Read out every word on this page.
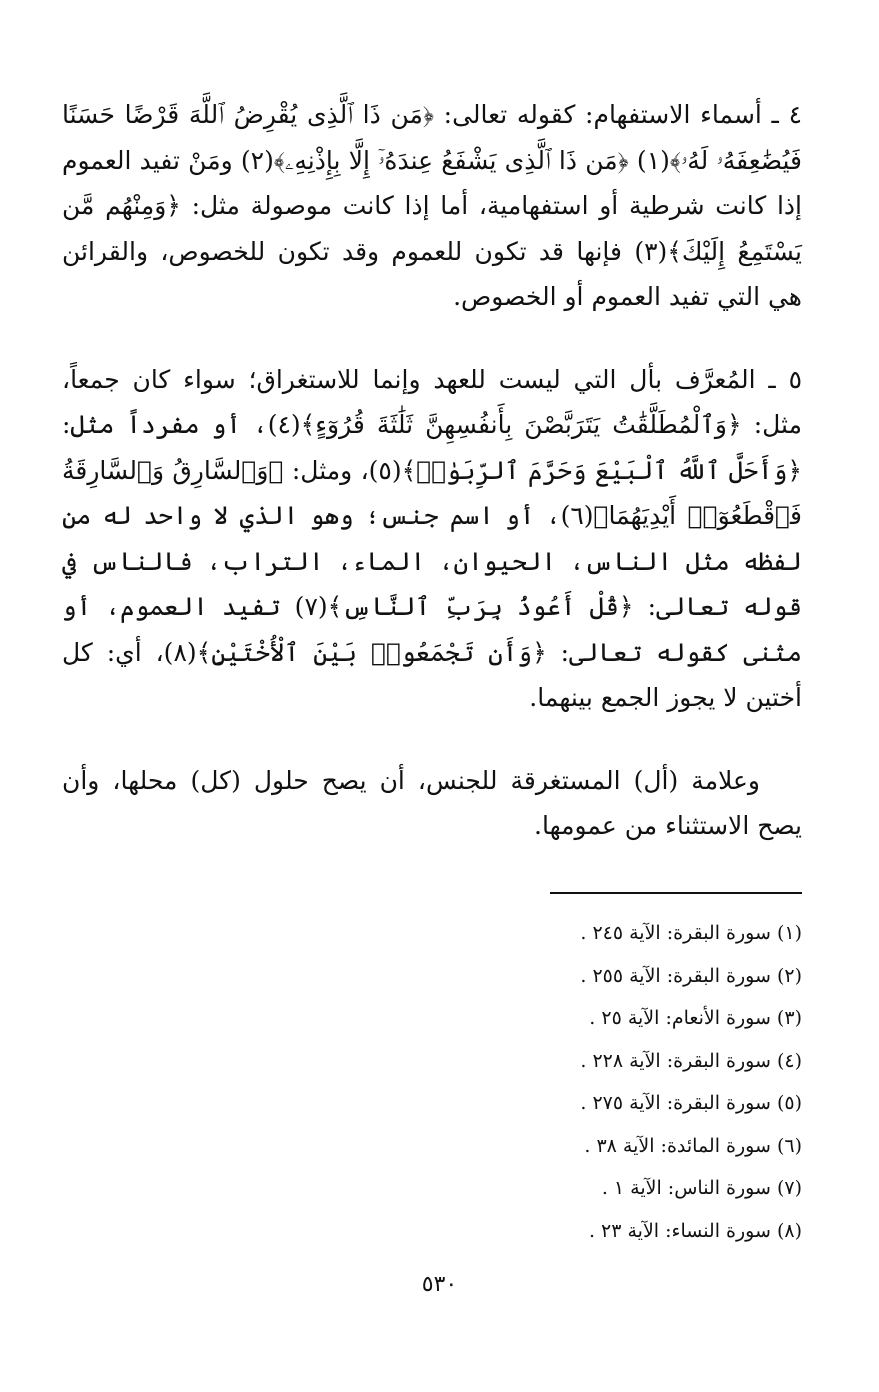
٤ ـ أسماء الاستفهام: كقوله تعالى: ﴿مَن ذَا ٱلَّذِى يُقْرِضُ ٱللَّهَ قَرْضًا حَسَنًا فَيُضَٰعِفَهُۥ لَهُۥ﴾(١) ﴿مَن ذَا ٱلَّذِى يَشْفَعُ عِندَهُۥٓ إِلَّا بِإِذْنِهِۦ﴾(٢) ومَنْ تفيد العموم إذا كانت شرطية أو استفهامية، أما إذا كانت موصولة مثل: ﴿وَمِنْهُم مَّن يَسْتَمِعُ إِلَيْكَ﴾(٣) فإنها قد تكون للعموم وقد تكون للخصوص، والقرائن هي التي تفيد العموم أو الخصوص.

٥ ـ المُعرَّف بأل التي ليست للعهد وإنما للاستغراق؛ سواء كان جمعاً، مثل: ﴿وَٱلْمُطَلَّقَٰتُ يَتَرَبَّصْنَ بِأَنفُسِهِنَّ ثَلَٰثَةَ قُرُوٓءٍ﴾(٤)، أو مفرداً مثل: ﴿وَأَحَلَّ ٱللَّهُ ٱلْبَيْعَ وَحَرَّمَ ٱلرِّبَوٰا۟﴾(٥)، ومثل: ﴿وَٱلسَّارِقُ وَٱلسَّارِقَةُ فَٱقْطَعُوٓا۟ أَيْدِيَهُمَا﴾(٦)، أو اسم جنس؛ وهو الذي لا واحد له من لفظه مثل الناس، الحيوان، الماء، التراب، فالناس في قوله تعالى: ﴿قُلْ أَعُوذُ بِرَبِّ ٱلنَّاسِ﴾(٧) تفيد العموم، أو مثنى كقوله تعالى: ﴿وَأَن تَجْمَعُوا۟ بَيْنَ ٱلْأُخْتَيْنِ﴾(٨)، أي: كل أختين لا يجوز الجمع بينهما.

وعلامة (أل) المستغرقة للجنس، أن يصح حلول (كل) محلها، وأن يصح الاستثناء من عمومها.

(١) سورة البقرة: الآية ٢٤٥ .
(٢) سورة البقرة: الآية ٢٥٥ .
(٣) سورة الأنعام: الآية ٢٥ .
(٤) سورة البقرة: الآية ٢٢٨ .
(٥) سورة البقرة: الآية ٢٧٥ .
(٦) سورة المائدة: الآية ٣٨ .
(٧) سورة الناس: الآية ١ .
(٨) سورة النساء: الآية ٢٣ .
٥٣٠
